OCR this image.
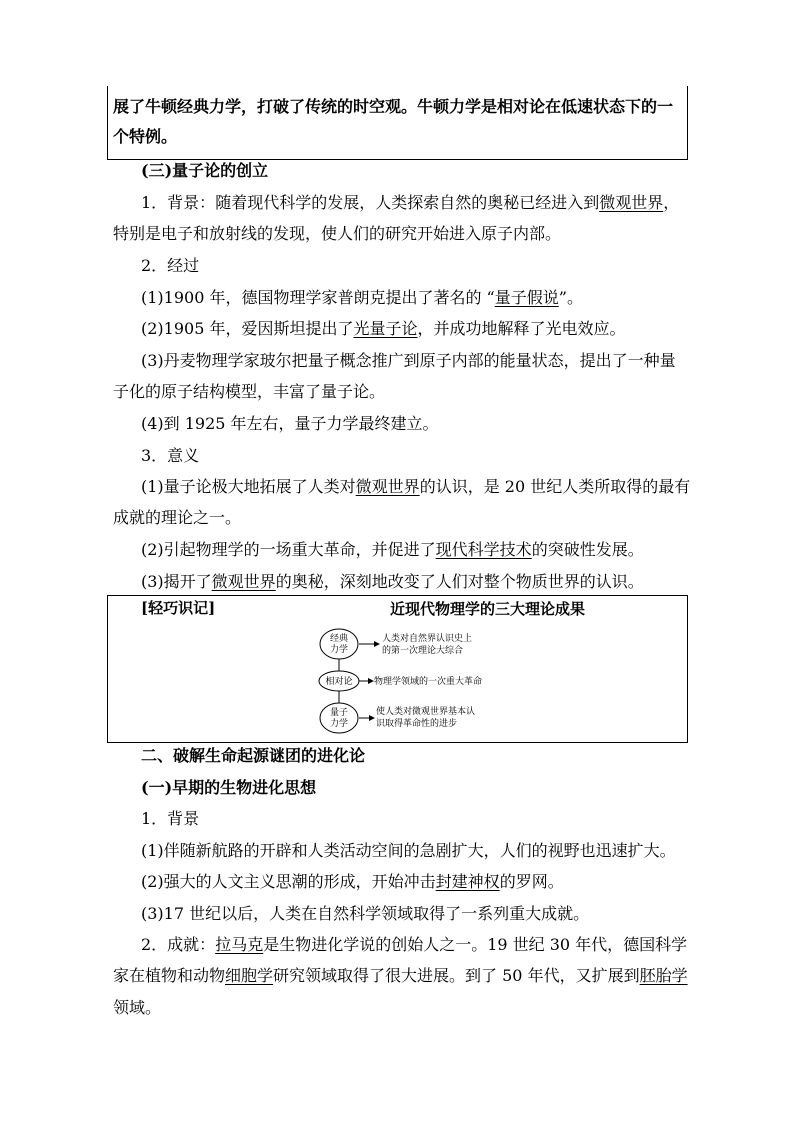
展了牛顿经典力学，打破了传统的时空观。牛顿力学是相对论在低速状态下的一
个特例。
(三)量子论的创立
1．背景：随着现代科学的发展，人类探索自然的奥秘已经进入到微观世界，
特别是电子和放射线的发现，使人们的研究开始进入原子内部。
2．经过
(1)1900 年，德国物理学家普朗克提出了著名的 “量子假说”。
(2)1905 年，爱因斯坦提出了光量子论，并成功地解释了光电效应。
(3)丹麦物理学家玻尔把量子概念推广到原子内部的能量状态，提出了一种量
子化的原子结构模型，丰富了量子论。
(4)到 1925 年左右，量子力学最终建立。
3．意义
(1)量子论极大地拓展了人类对微观世界的认识，是 20 世纪人类所取得的最有
成就的理论之一。
(2)引起物理学的一场重大革命，并促进了现代科学技术的突破性发展。
(3)揭开了微观世界的奥秘，深刻地改变了人们对整个物质世界的认识。
[轻巧识记]	近现代物理学的三大理论成果
经典
力学
人类对自然界认识史上
的第一次理论大综合
相对论 物理学领域的一次重大革命
量子
力学
使人类对微观世界基本认
识取得革命性的进步
二、破解生命起源谜团的进化论
(一)早期的生物进化思想
1．背景
(1)伴随新航路的开辟和人类活动空间的急剧扩大，人们的视野也迅速扩大。
(2)强大的人文主义思潮的形成，开始冲击封建神权的罗网。
(3)17 世纪以后，人类在自然科学领域取得了一系列重大成就。
2．成就：拉马克是生物进化学说的创始人之一。19 世纪 30 年代，德国科学
家在植物和动物细胞学研究领域取得了很大进展。到了 50 年代，又扩展到胚胎学
领域。
